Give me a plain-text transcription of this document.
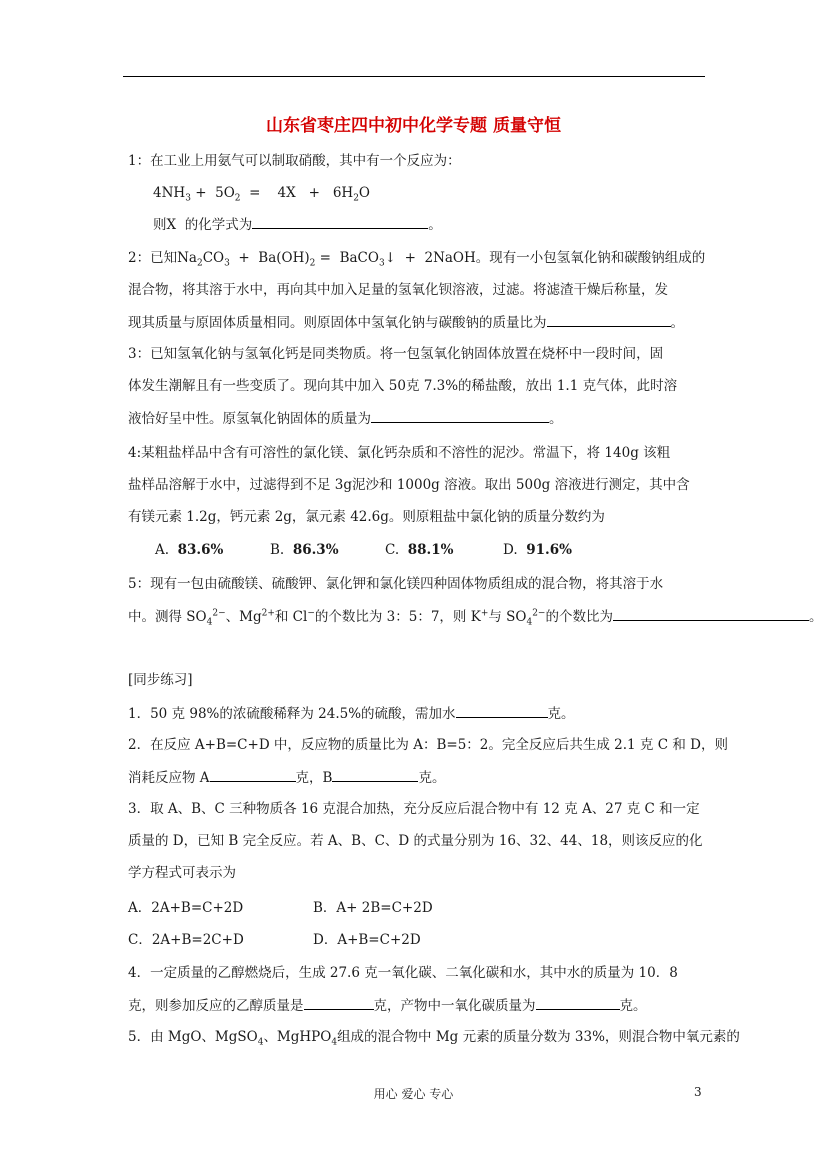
山东省枣庄四中初中化学专题 质量守恒
1：在工业上用氨气可以制取硝酸，其中有一个反应为：
$4NH_3 + 5O_2$  =    $4X + 6H_2O$
则X  的化学式为	。
2：已知$Na_2CO_3 + Ba(OH)_2$ =  BaCO$_3$↓  +  2NaOH。现有一小包氢氧化钠和碳酸钠组成的
混合物，将其溶于水中，再向其中加入足量的氢氧化钡溶液，过滤。将滤渣干燥后称量，发
现其质量与原固体质量相同。则原固体中氢氧化钠与碳酸钠的质量比为	。
3：已知氢氧化钠与氢氧化钙是同类物质。将一包氢氧化钠固体放置在烧杯中一段时间，固
体发生潮解且有一些变质了。现向其中加入 50克 7.3%的稀盐酸，放出 1.1 克气体，此时溶
液恰好呈中性。原氢氧化钠固体的质量为	。
4:某粗盐样品中含有可溶性的氯化镁、氯化钙杂质和不溶性的泥沙。常温下，将 140g 该粗
盐样品溶解于水中，过滤得到不足 3g泥沙和 1000g 溶液。取出 500g 溶液进行测定，其中含
有镁元素 1.2g，钙元素 2g，氯元素 42.6g。则原粗盐中氯化钠的质量分数约为
A. 83.6%	B. 86.3%	C. 88.1%	D. 91.6%
5：现有一包由硫酸镁、硫酸钾、氯化钾和氯化镁四种固体物质组成的混合物，将其溶于水
中。测得 $SO_4^{2-}$、$Mg^{2+}$和 Cl−的个数比为 3：5：7，则 K+与 $SO_4^{2-}$的个数比为	。
[同步练习]
1．50 克 98%的浓硫酸稀释为 24.5%的硫酸，需加水	克。
2．在反应 A+B=C+D 中，反应物的质量比为 A：B=5：2。完全反应后共生成 2.1 克 C 和 D，则
消耗反应物 A	克，B	克。
3．取 A、B、C 三种物质各 16 克混合加热，充分反应后混合物中有 12 克 A、27 克 C 和一定
质量的 D，已知 B 完全反应。若 A、B、C、D 的式量分别为 16、32、44、18，则该反应的化
学方程式可表示为
A．2A+B=C+2D	B．A+ 2B=C+2D
C．2A+B=2C+D	D．A+B=C+2D
4．一定质量的乙醇燃烧后，生成 27.6 克一氧化碳、二氧化碳和水，其中水的质量为 10．8
克，则参加反应的乙醇质量是	克，产物中一氧化碳质量为	克。
5．由 MgO、MgSO$_4$、MgHPO$_4$组成的混合物中 Mg 元素的质量分数为 33%，则混合物中氧元素的
用心 爱心 专心	3
